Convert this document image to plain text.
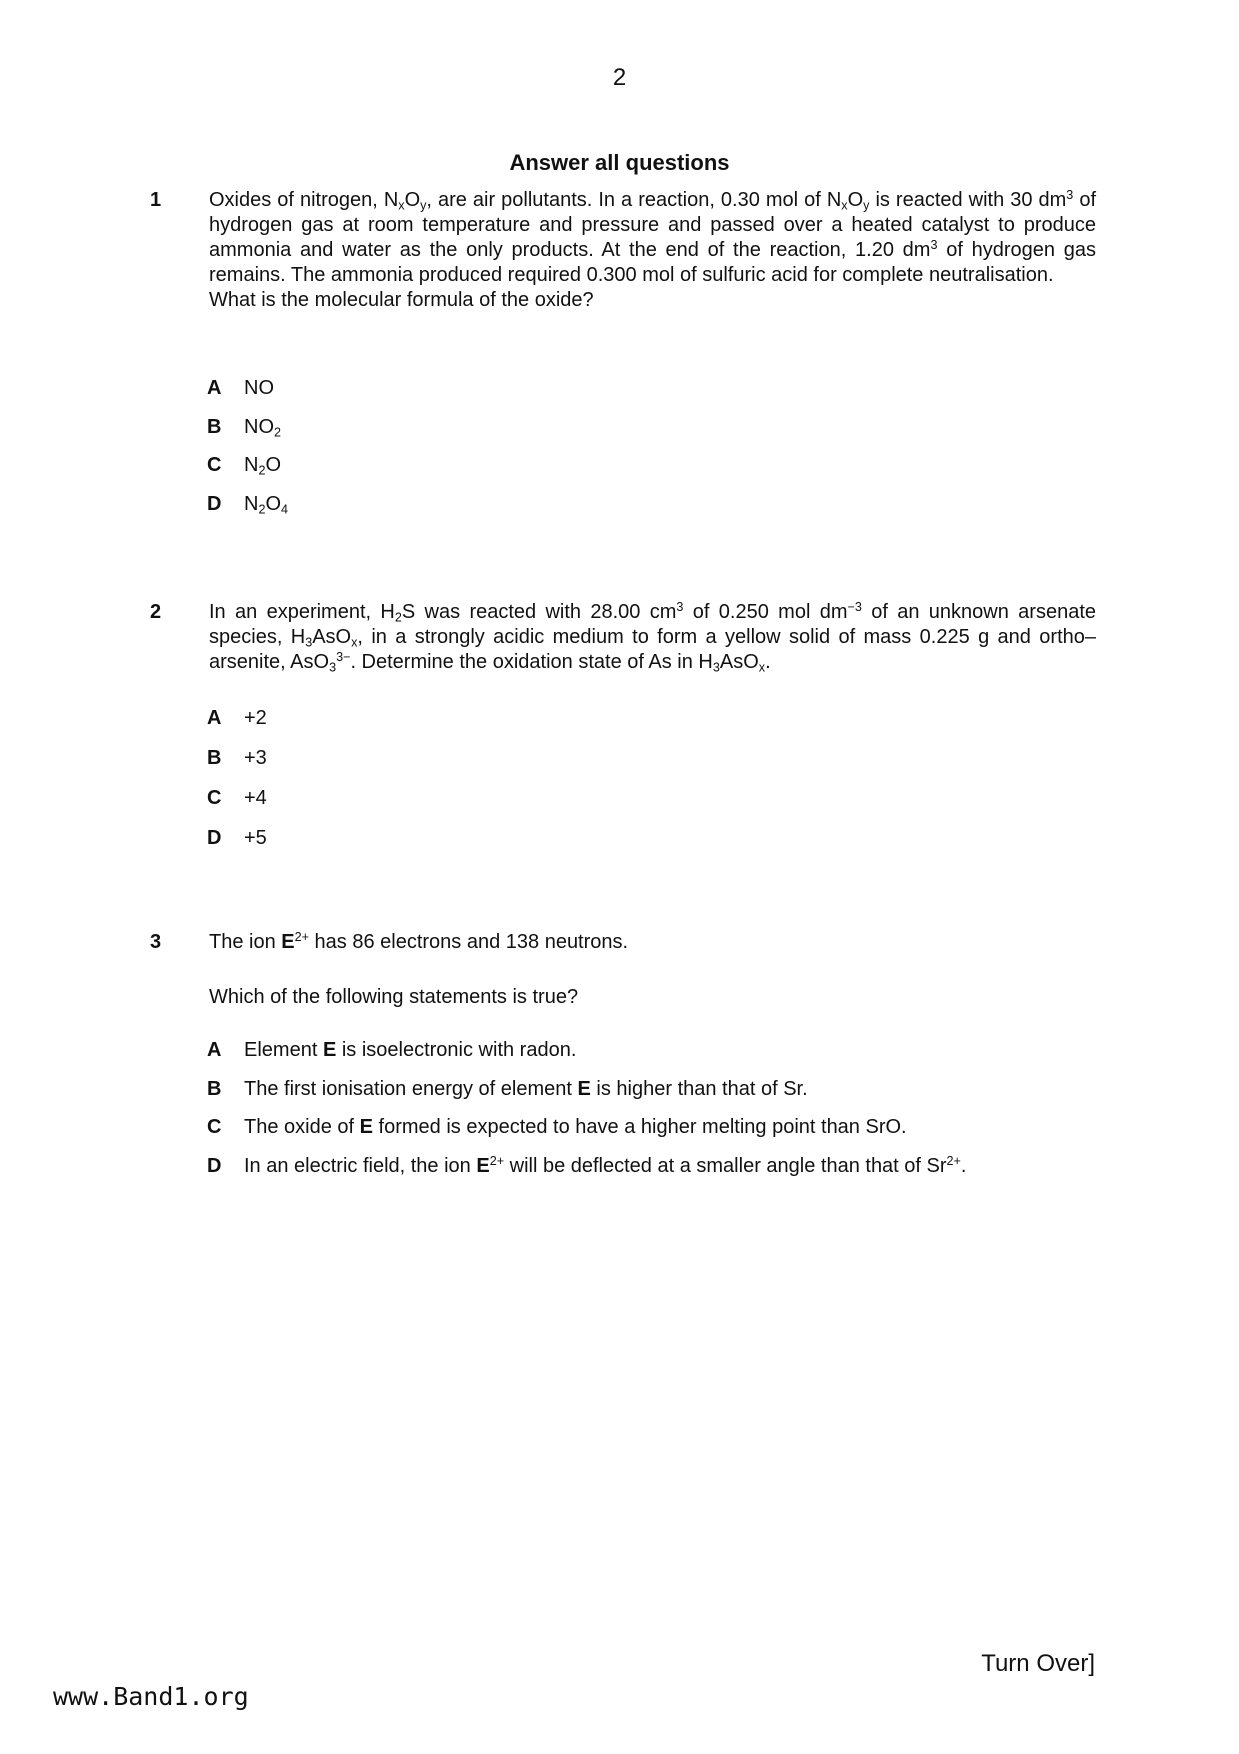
2
Answer all questions
1	Oxides of nitrogen, $N_xO_y$, are air pollutants. In a reaction, 0.30 mol of $N_xO_y$ is reacted with 30 $dm^3$ of hydrogen gas at room temperature and pressure and passed over a heated catalyst to produce ammonia and water as the only products. At the end of the reaction, 1.20 $dm^3$ of hydrogen gas remains. The ammonia produced required 0.300 mol of sulfuric acid for complete neutralisation.

What is the molecular formula of the oxide?

A	NO
B	$NO_2$
C	$N_2O$
D	$N_2O_4$
2	In an experiment, $H_2S$ was reacted with 28.00 $cm^3$ of 0.250 mol $dm^{-3}$ of an unknown arsenate species, $H_3AsO_x$, in a strongly acidic medium to form a yellow solid of mass 0.225 g and ortho–arsenite, AsO$_3^{3-}$. Determine the oxidation state of As in $H_3AsO_x$.

A	+2
B	+3
C	+4
D	+5
3	The ion $E^{2+}$ has 86 electrons and 138 neutrons.

Which of the following statements is true?

A	Element E is isoelectronic with radon.
B	The first ionisation energy of element E is higher than that of Sr.
C	The oxide of E formed is expected to have a higher melting point than SrO.
D	In an electric field, the ion $E^{2+}$ will be deflected at a smaller angle than that of $Sr^{2+}$.
Turn Over]
www.Band1.org
